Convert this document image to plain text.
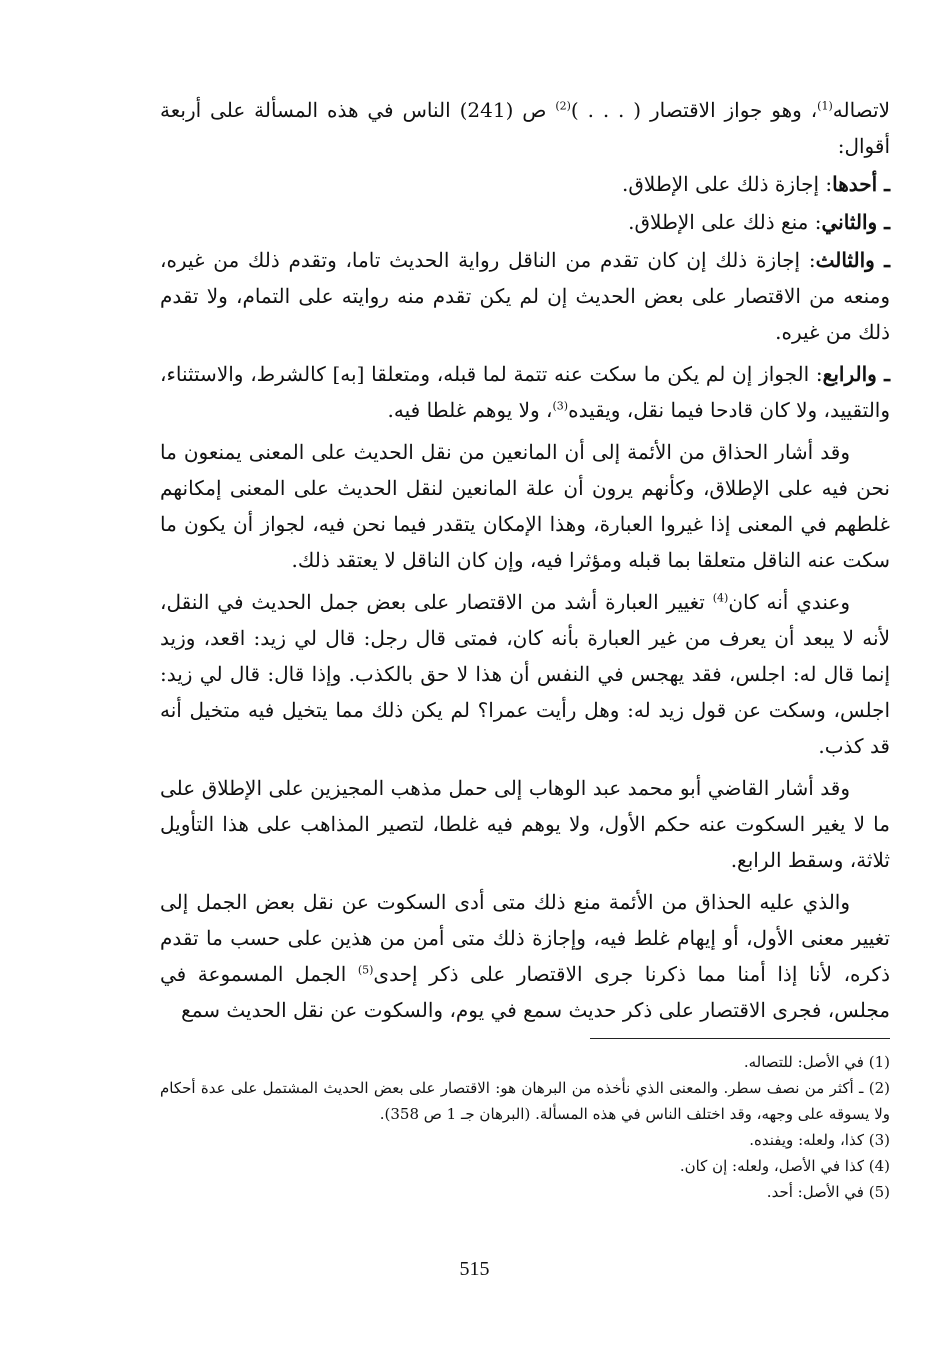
لاتصاله$^{(1)}$، وهو جواز الاقتصار ( . . . )$^{(2)}$ ص (241) الناس في هذه المسألة على أربعة أقوال:

ـ أحدها: إجازة ذلك على الإطلاق.

ـ والثاني: منع ذلك على الإطلاق.

ـ والثالث: إجازة ذلك إن كان تقدم من الناقل رواية الحديث تاما، وتقدم ذلك من غيره، ومنعه من الاقتصار على بعض الحديث إن لم يكن تقدم منه روايته على التمام، ولا تقدم ذلك من غيره.

ـ والرابع: الجواز إن لم يكن ما سكت عنه تتمة لما قبله، ومتعلقا [به] كالشرط، والاستثناء، والتقييد، ولا كان قادحا فيما نقل، ويقيده$^{(3)}$، ولا يوهم غلطا فيه.

وقد أشار الحذاق من الأئمة إلى أن المانعين من نقل الحديث على المعنى يمنعون ما نحن فيه على الإطلاق، وكأنهم يرون أن علة المانعين لنقل الحديث على المعنى إمكانهم غلطهم في المعنى إذا غيروا العبارة، وهذا الإمكان يتقدر فيما نحن فيه، لجواز أن يكون ما سكت عنه الناقل متعلقا بما قبله ومؤثرا فيه، وإن كان الناقل لا يعتقد ذلك.

وعندي أنه كان$^{(4)}$ تغيير العبارة أشد من الاقتصار على بعض جمل الحديث في النقل، لأنه لا يبعد أن يعرف من غير العبارة بأنه كان، فمتى قال رجل: قال لي زيد: اقعد، وزيد إنما قال له: اجلس، فقد يهجس في النفس أن هذا لا حق بالكذب. وإذا قال: قال لي زيد: اجلس، وسكت عن قول زيد له: وهل رأيت عمرا؟ لم يكن ذلك مما يتخيل فيه متخيل أنه قد كذب.

وقد أشار القاضي أبو محمد عبد الوهاب إلى حمل مذهب المجيزين على الإطلاق على ما لا يغير السكوت عنه حكم الأول، ولا يوهم فيه غلطا، لتصير المذاهب على هذا التأويل ثلاثة، وسقط الرابع.

والذي عليه الحذاق من الأئمة منع ذلك متى أدى السكوت عن نقل بعض الجمل إلى تغيير معنى الأول، أو إيهام غلط فيه، وإجازة ذلك متى أمن من هذين على حسب ما تقدم ذكره، لأنا إذا أمنا مما ذكرنا جرى الاقتصار على ذكر إحدى$^{(5)}$ الجمل المسموعة في مجلس، فجرى الاقتصار على ذكر حديث سمع في يوم، والسكوت عن نقل الحديث سمع

(1) في الأصل: للتصاله.

(2) ـ أكثر من نصف سطر. والمعنى الذي نأخذه من البرهان هو: الاقتصار على بعض الحديث المشتمل على عدة أحكام ولا يسوقه على وجهه، وقد اختلف الناس في هذه المسألة. (البرهان جـ 1 ص 358).

(3) كذا، ولعله: ويفنده.

(4) كذا في الأصل، ولعله: إن كان.

(5) في الأصل: أحد.

515
